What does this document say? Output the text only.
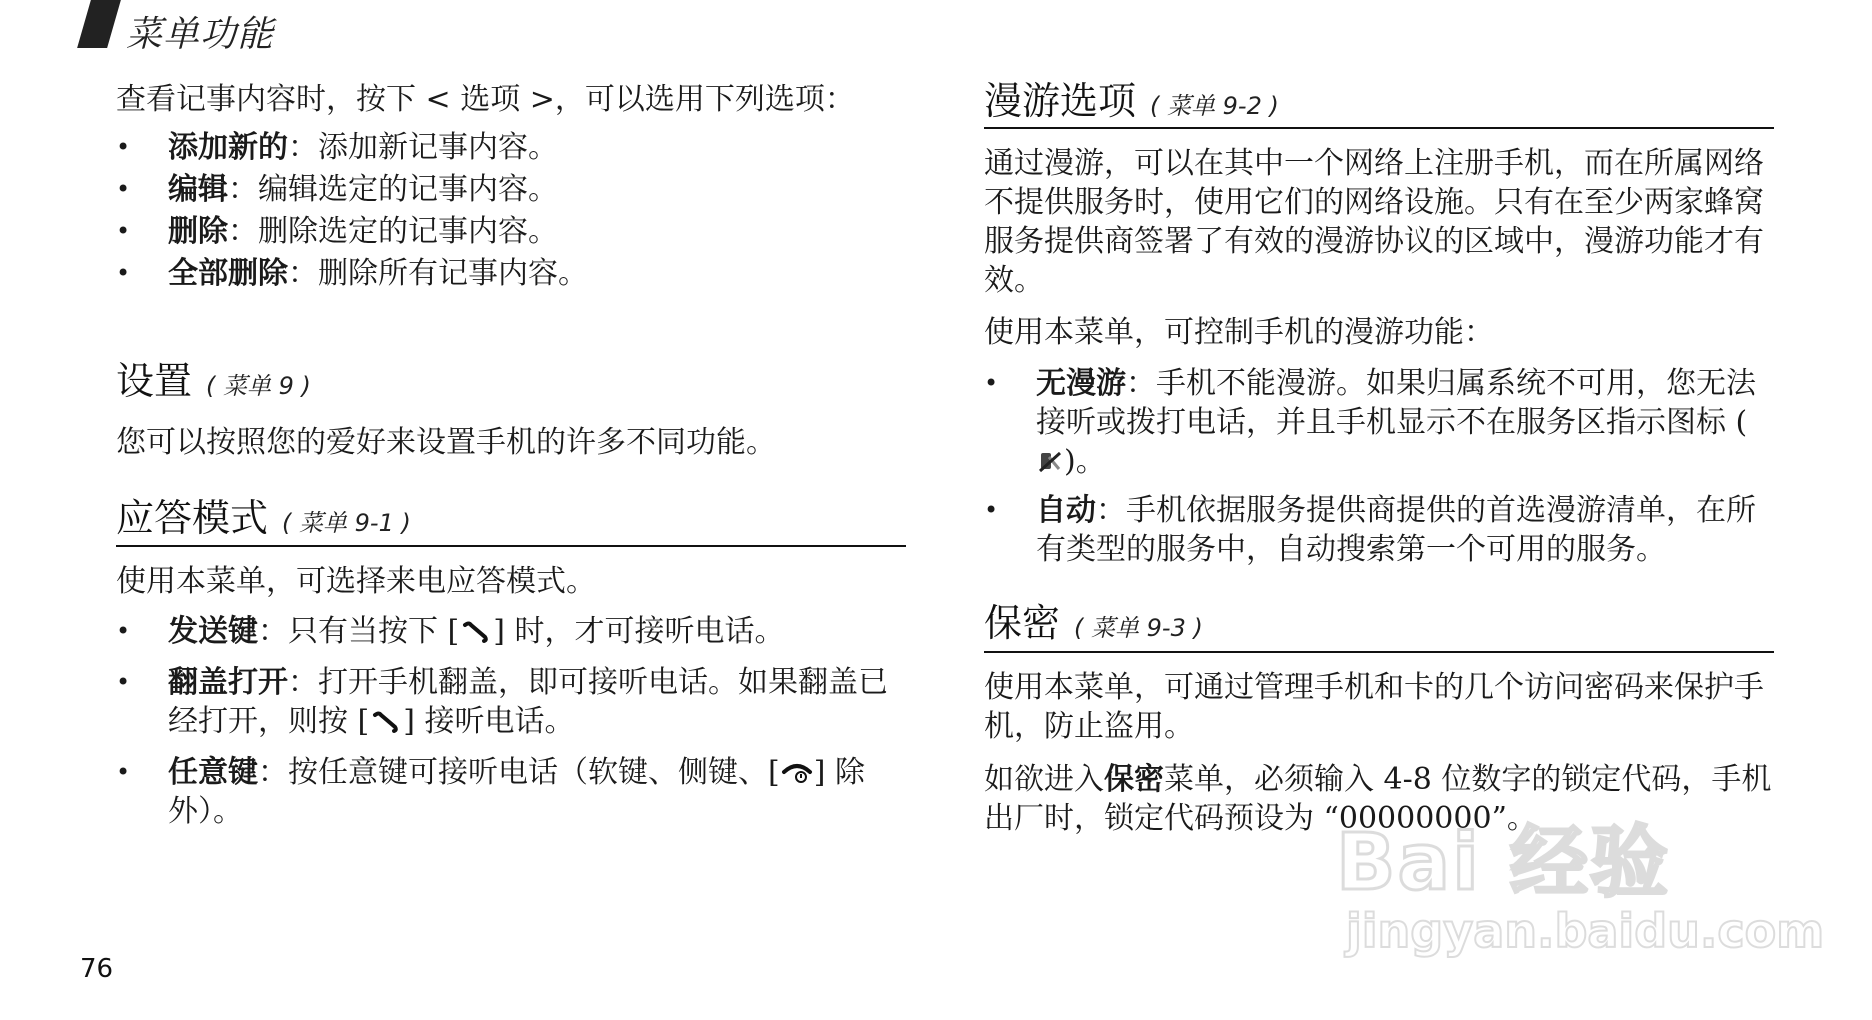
菜单功能

查看记事内容时，按下 < 选项 >，可以选用下列选项：

• 添加新的：添加新记事内容。
• 编辑：编辑选定的记事内容。
• 删除：删除选定的记事内容。
• 全部删除：删除所有记事内容。
设置 ( 菜单 9 )

您可以按照您的爱好来设置手机的许多不同功能。

应答模式 ( 菜单 9-1 )

使用本菜单，可选择来电应答模式。

• 发送键：只有当按下 [ ] 时，才可接听电话。
• 翻盖打开：打开手机翻盖，即可接听电话。如果翻盖已经打开，则按 [ ] 接听电话。
• 任意键：按任意键可接听电话（软键、侧键、[ ] 除外）。
漫游选项 ( 菜单 9-2 )

通过漫游，可以在其中一个网络上注册手机，而在所属网络不提供服务时，使用它们的网络设施。只有在至少两家蜂窝服务提供商签署了有效的漫游协议的区域中，漫游功能才有效。

使用本菜单，可控制手机的漫游功能：

• 无漫游：手机不能漫游。如果归属系统不可用，您无法接听或拨打电话，并且手机显示不在服务区指示图标 ()。
• 自动：手机依据服务提供商提供的首选漫游清单，在所有类型的服务中，自动搜索第一个可用的服务。
保密 ( 菜单 9-3 )

使用本菜单，可通过管理手机和卡的几个访问密码来保护手机，防止盗用。

如欲进入保密菜单，必须输入 4-8 位数字的锁定代码，手机出厂时，锁定代码预设为 “00000000”。

76
Bai 经验
jingyan.baidu.com
